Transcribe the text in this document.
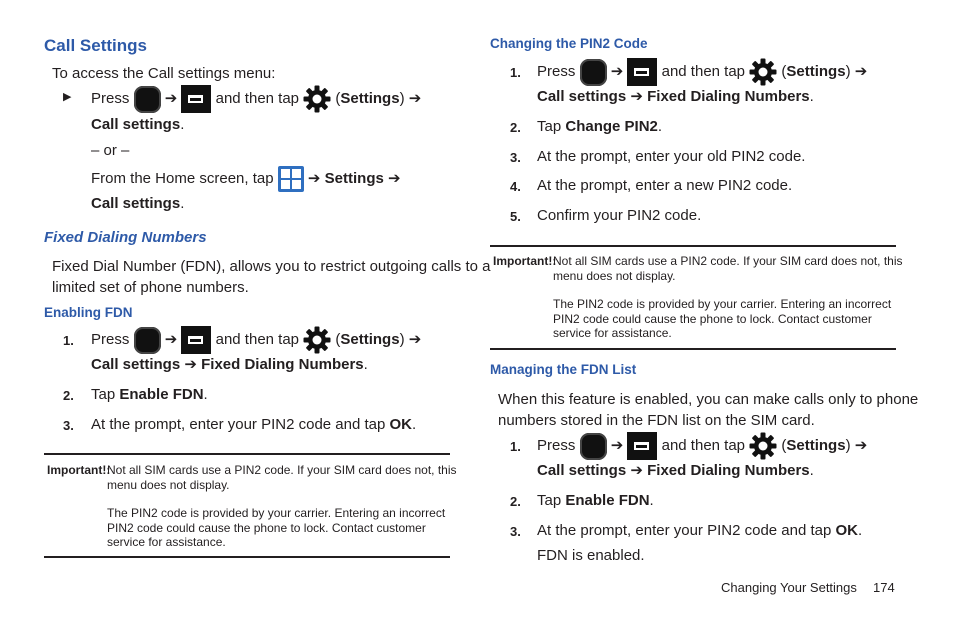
Call Settings
To access the Call settings menu:
▶ Press ➔	and then tap (Settings) ➔
Call settings.
– or –
From the Home screen, tap ➔ Settings ➔
Call settings.
Fixed Dialing Numbers
Fixed Dial Number (FDN), allows you to restrict outgoing calls to a
limited set of phone numbers.
Enabling FDN
1. Press ➔	and then tap (Settings) ➔
Call settings ➔ Fixed Dialing Numbers.
2. Tap Enable FDN.
3. At the prompt, enter your PIN2 code and tap OK.
Important!:
Not all SIM cards use a PIN2 code. If your SIM card does not, this
menu does not display.
The PIN2 code is provided by your carrier. Entering an incorrect
PIN2 code could cause the phone to lock. Contact customer
service for assistance.
Changing the PIN2 Code
1. Press ➔	and then tap (Settings) ➔
Call settings ➔ Fixed Dialing Numbers.
2. Tap Change PIN2.
3. At the prompt, enter your old PIN2 code.
4. At the prompt, enter a new PIN2 code.
5. Confirm your PIN2 code.
Important!:
Not all SIM cards use a PIN2 code. If your SIM card does not, this
menu does not display.
The PIN2 code is provided by your carrier. Entering an incorrect
PIN2 code could cause the phone to lock. Contact customer
service for assistance.
Managing the FDN List
When this feature is enabled, you can make calls only to phone
numbers stored in the FDN list on the SIM card.
1. Press ➔	and then tap (Settings) ➔
Call settings ➔ Fixed Dialing Numbers.
2. Tap Enable FDN.
3. At the prompt, enter your PIN2 code and tap OK.
FDN is enabled.
Changing Your Settings 174
